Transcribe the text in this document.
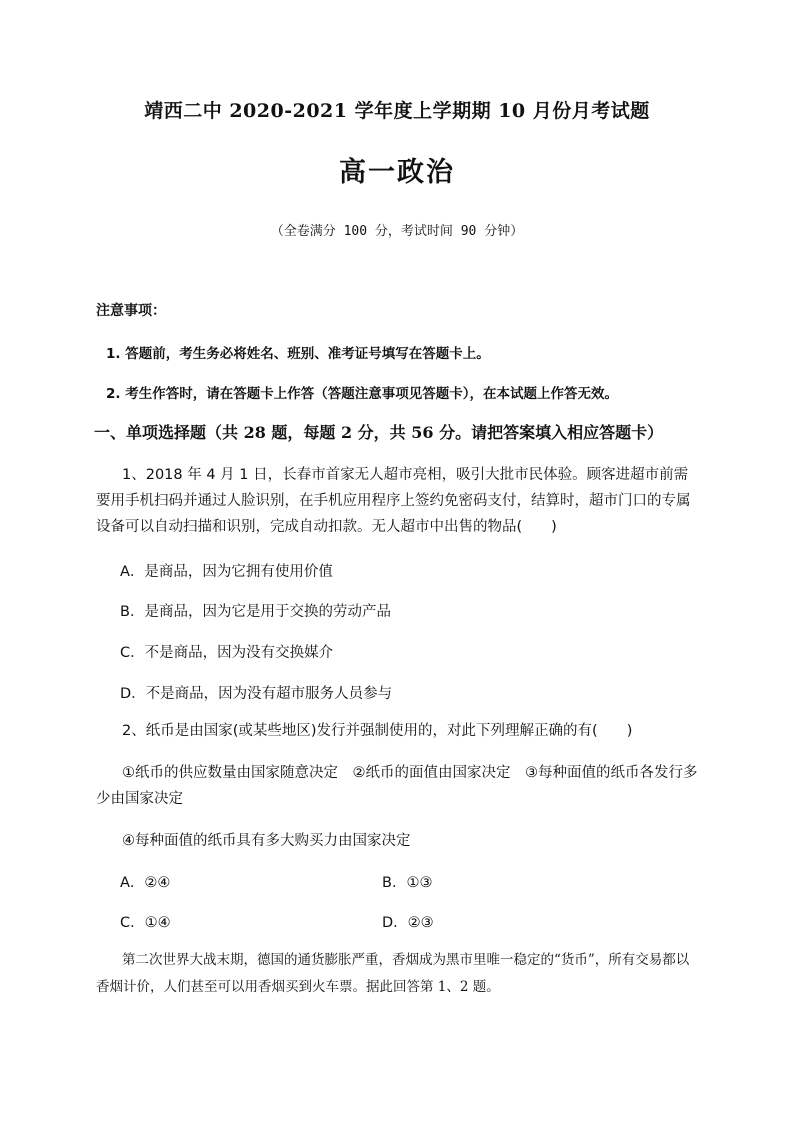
靖西二中 2020-2021 学年度上学期期 10 月份月考试题
高一政治
（全卷满分 100 分，考试时间 90 分钟）
注意事项：
1. 答题前，考生务必将姓名、班别、准考证号填写在答题卡上。
2. 考生作答时，请在答题卡上作答（答题注意事项见答题卡），在本试题上作答无效。
一、单项选择题（共 28 题，每题 2 分，共 56 分。请把答案填入相应答题卡）
1、2018 年 4 月 1 日，长春市首家无人超市亮相，吸引大批市民体验。顾客进超市前需要用手机扫码并通过人脸识别，在手机应用程序上签约免密码支付，结算时，超市门口的专属设备可以自动扫描和识别，完成自动扣款。无人超市中出售的物品(　　)
A．是商品，因为它拥有使用价值
B．是商品，因为它是用于交换的劳动产品
C．不是商品，因为没有交换媒介
D．不是商品，因为没有超市服务人员参与
2、纸币是由国家(或某些地区)发行并强制使用的，对此下列理解正确的有(　　)
①纸币的供应数量由国家随意决定　②纸币的面值由国家决定　③每种面值的纸币各发行多少由国家决定
④每种面值的纸币具有多大购买力由国家决定
A．②④	B．①③
C．①④	D．②③
第二次世界大战末期，德国的通货膨胀严重，香烟成为黑市里唯一稳定的“货币”，所有交易都以香烟计价，人们甚至可以用香烟买到火车票。据此回答第 1、2 题。
